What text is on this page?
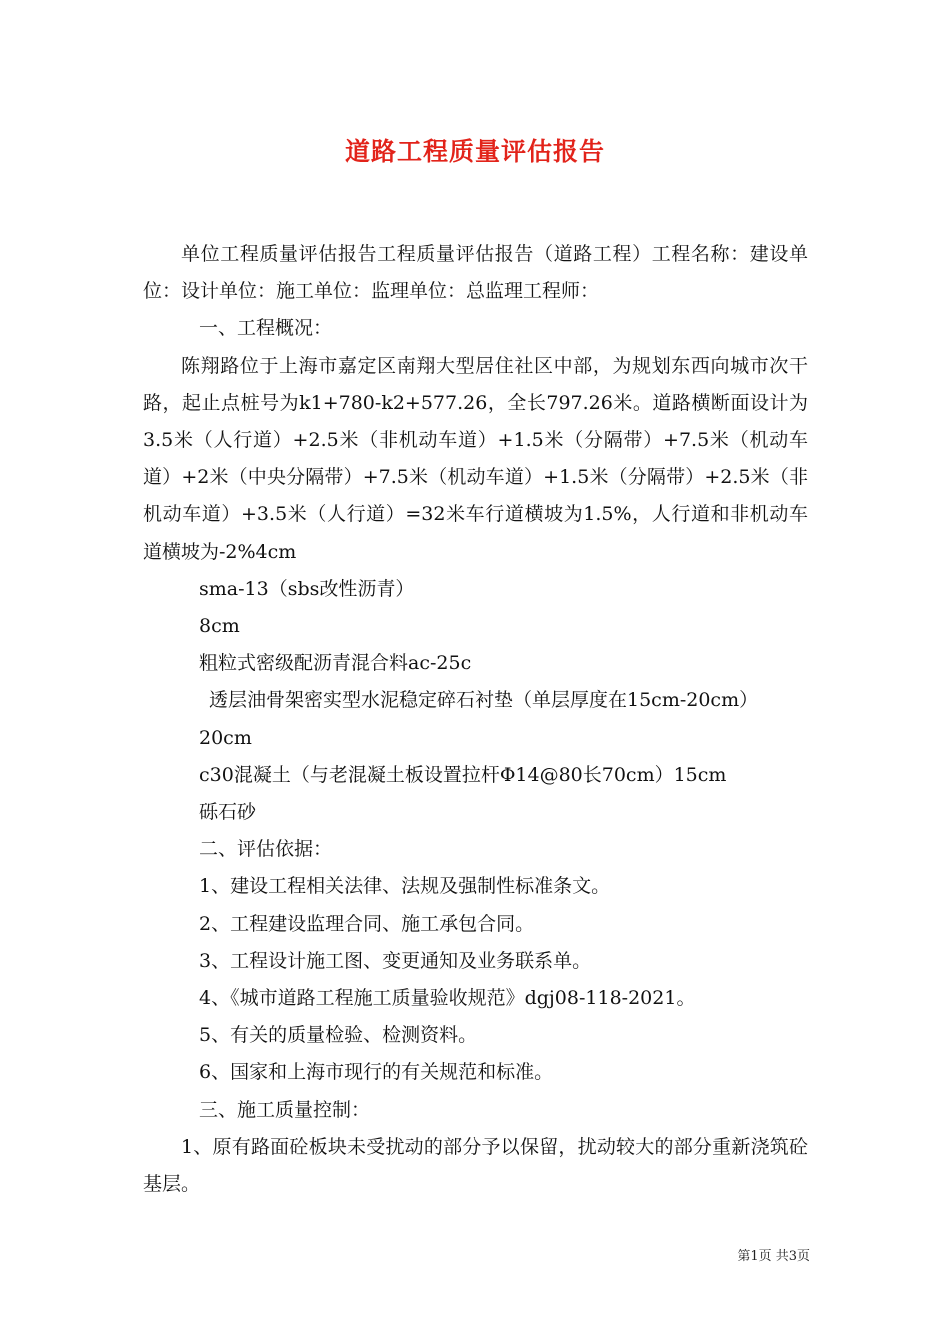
道路工程质量评估报告

单位工程质量评估报告工程质量评估报告（道路工程）工程名称：建设单位：设计单位：施工单位：监理单位：总监理工程师：

一、工程概况：

陈翔路位于上海市嘉定区南翔大型居住社区中部，为规划东西向城市次干路，起止点桩号为k1+780-k2+577.26，全长797.26米。道路横断面设计为3.5米（人行道）+2.5米（非机动车道）+1.5米（分隔带）+7.5米（机动车道）+2米（中央分隔带）+7.5米（机动车道）+1.5米（分隔带）+2.5米（非机动车道）+3.5米（人行道）=32米车行道横坡为1.5%，人行道和非机动车道横坡为-2%4cm

sma-13（sbs改性沥青）

8cm

粗粒式密级配沥青混合料ac-25c

透层油骨架密实型水泥稳定碎石衬垫（单层厚度在15cm-20cm）

20cm

c30混凝土（与老混凝土板设置拉杆Φ14@80长70cm）15cm

砾石砂

二、评估依据：

1、建设工程相关法律、法规及强制性标准条文。

2、工程建设监理合同、施工承包合同。

3、工程设计施工图、变更通知及业务联系单。

4、《城市道路工程施工质量验收规范》dgj08-118-2021。

5、有关的质量检验、检测资料。

6、国家和上海市现行的有关规范和标准。

三、施工质量控制：

1、原有路面砼板块未受扰动的部分予以保留，扰动较大的部分重新浇筑砼基层。

第1页 共3页
